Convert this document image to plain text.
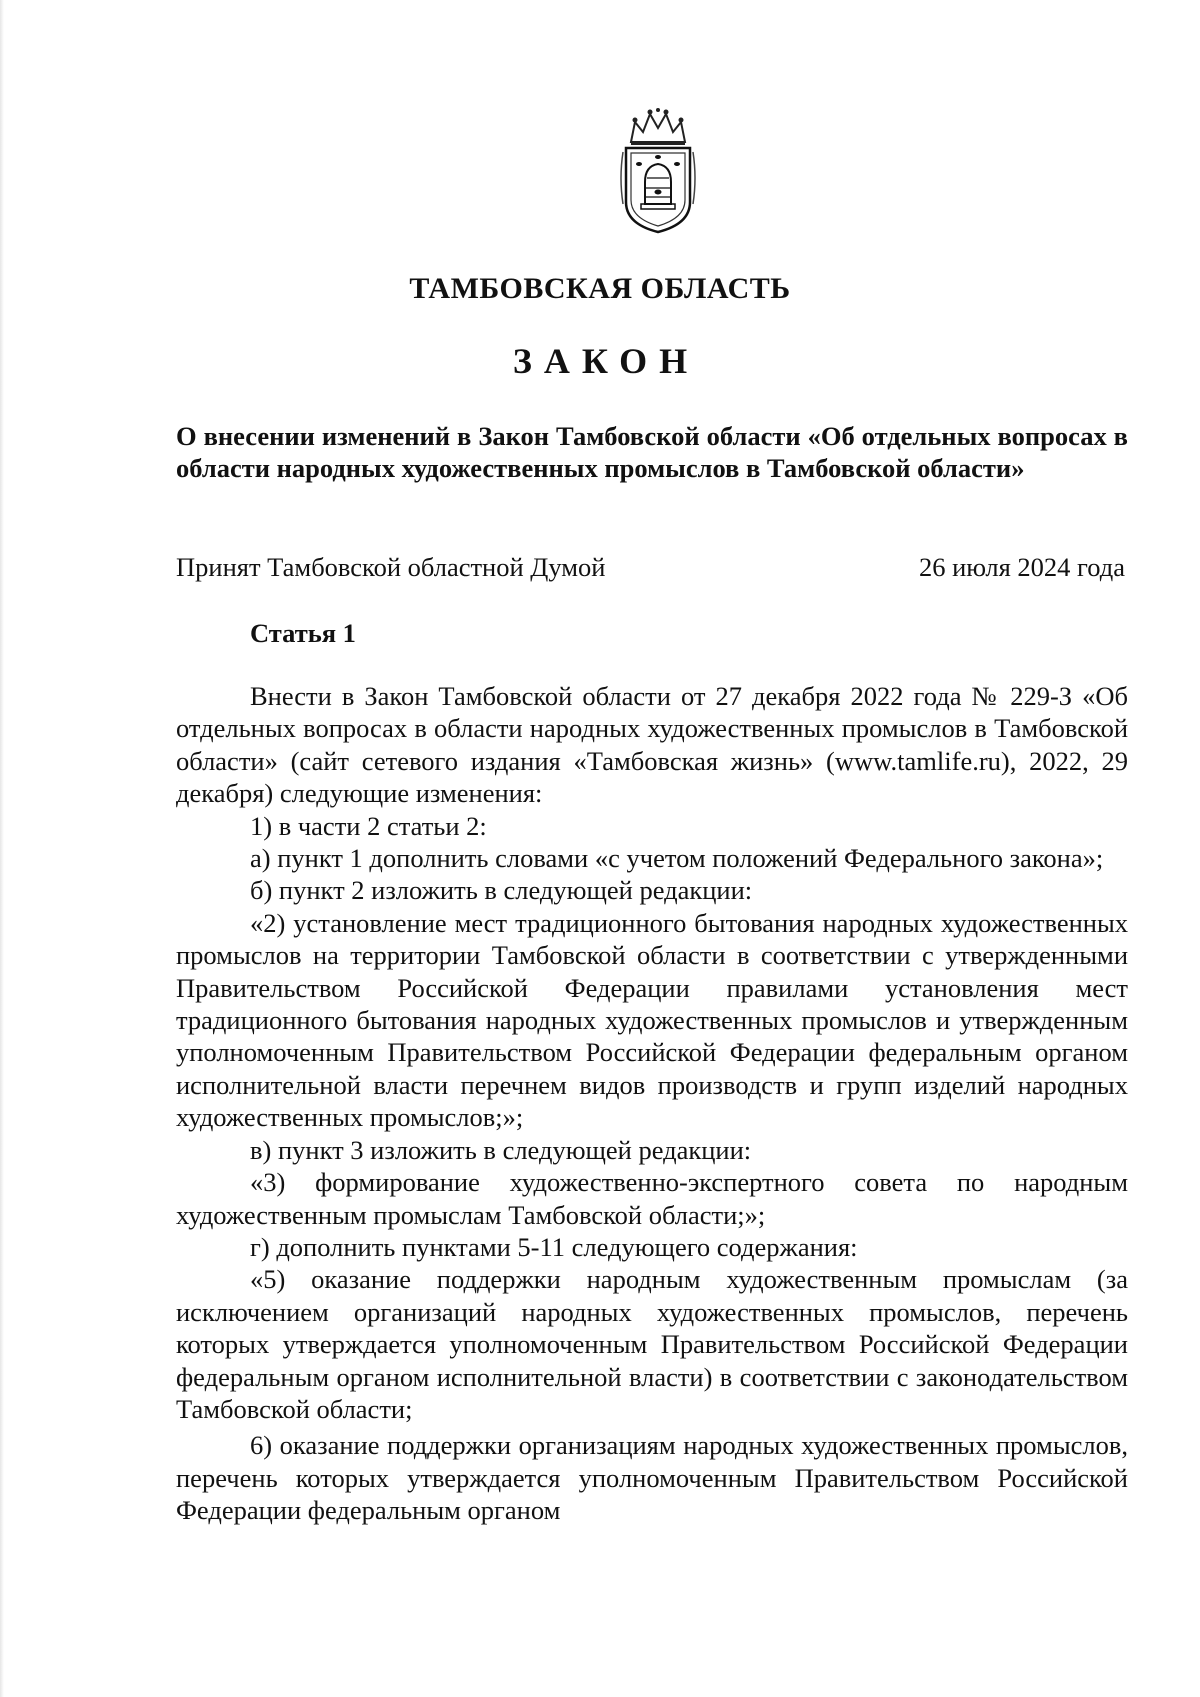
ТАМБОВСКАЯ ОБЛАСТЬ
ЗАКОН
О внесении изменений в Закон Тамбовской области «Об отдельных вопросах в области народных художественных промыслов в Тамбовской области»
Принят Тамбовской областной Думой	26 июля 2024 года
Статья 1

Внести в Закон Тамбовской области от 27 декабря 2022 года № 229-З «Об отдельных вопросах в области народных художественных промыслов в Тамбовской области» (сайт сетевого издания «Тамбовская жизнь» (www.tamlife.ru), 2022, 29 декабря) следующие изменения:

1) в части 2 статьи 2:

а) пункт 1 дополнить словами «с учетом положений Федерального закона»;

б) пункт 2 изложить в следующей редакции:

«2) установление мест традиционного бытования народных художественных промыслов на территории Тамбовской области в соответствии с утвержденными Правительством Российской Федерации правилами установления мест традиционного бытования народных художественных промыслов и утвержденным уполномоченным Правительством Российской Федерации федеральным органом исполнительной власти перечнем видов производств и групп изделий народных художественных промыслов;»;

в) пункт 3 изложить в следующей редакции:

«3) формирование художественно-экспертного совета по народным художественным промыслам Тамбовской области;»;

г) дополнить пунктами 5-11 следующего содержания:

«5) оказание поддержки народным художественным промыслам (за исключением организаций народных художественных промыслов, перечень которых утверждается уполномоченным Правительством Российской Федерации федеральным органом исполнительной власти) в соответствии с законодательством Тамбовской области;

6) оказание поддержки организациям народных художественных промыслов, перечень которых утверждается уполномоченным Правительством Российской Федерации федеральным органом
